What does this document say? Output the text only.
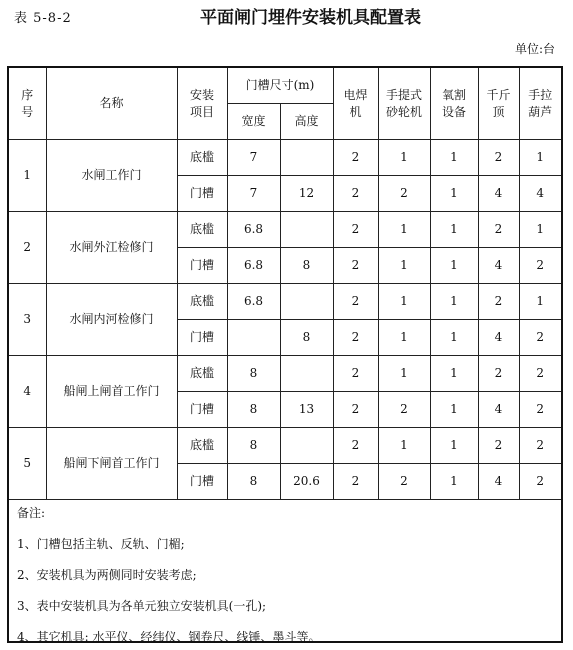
表 5-8-2	平面闸门埋件安装机具配置表
单位:台
序号	名称	安装项目	门槽尺寸(m)		电焊机	手提式砂轮机	氧割设备	千斤顶	手拉葫芦
			宽度	高度					
1	水闸工作门	底槛	7		2	1	1	2	1
		门槽	7	12	2	2	1	4	4
2	水闸外江检修门	底槛	6.8		2	1	1	2	1
		门槽	6.8	8	2	1	1	4	2
3	水闸内河检修门	底槛	6.8		2	1	1	2	1
		门槽		8	2	1	1	4	2
4	船闸上闸首工作门	底槛	8		2	1	1	2	2
		门槽	8	13	2	2	1	4	2
5	船闸下闸首工作门	底槛	8		2	1	1	2	2
		门槽	8	20.6	2	2	1	4	2
备注:
1、门槽包括主轨、反轨、门楣;
2、安装机具为两侧同时安装考虑;
3、表中安装机具为各单元独立安装机具(一孔);
4、其它机具: 水平仪、经纬仪、钢卷尺、线锤、墨斗等。
